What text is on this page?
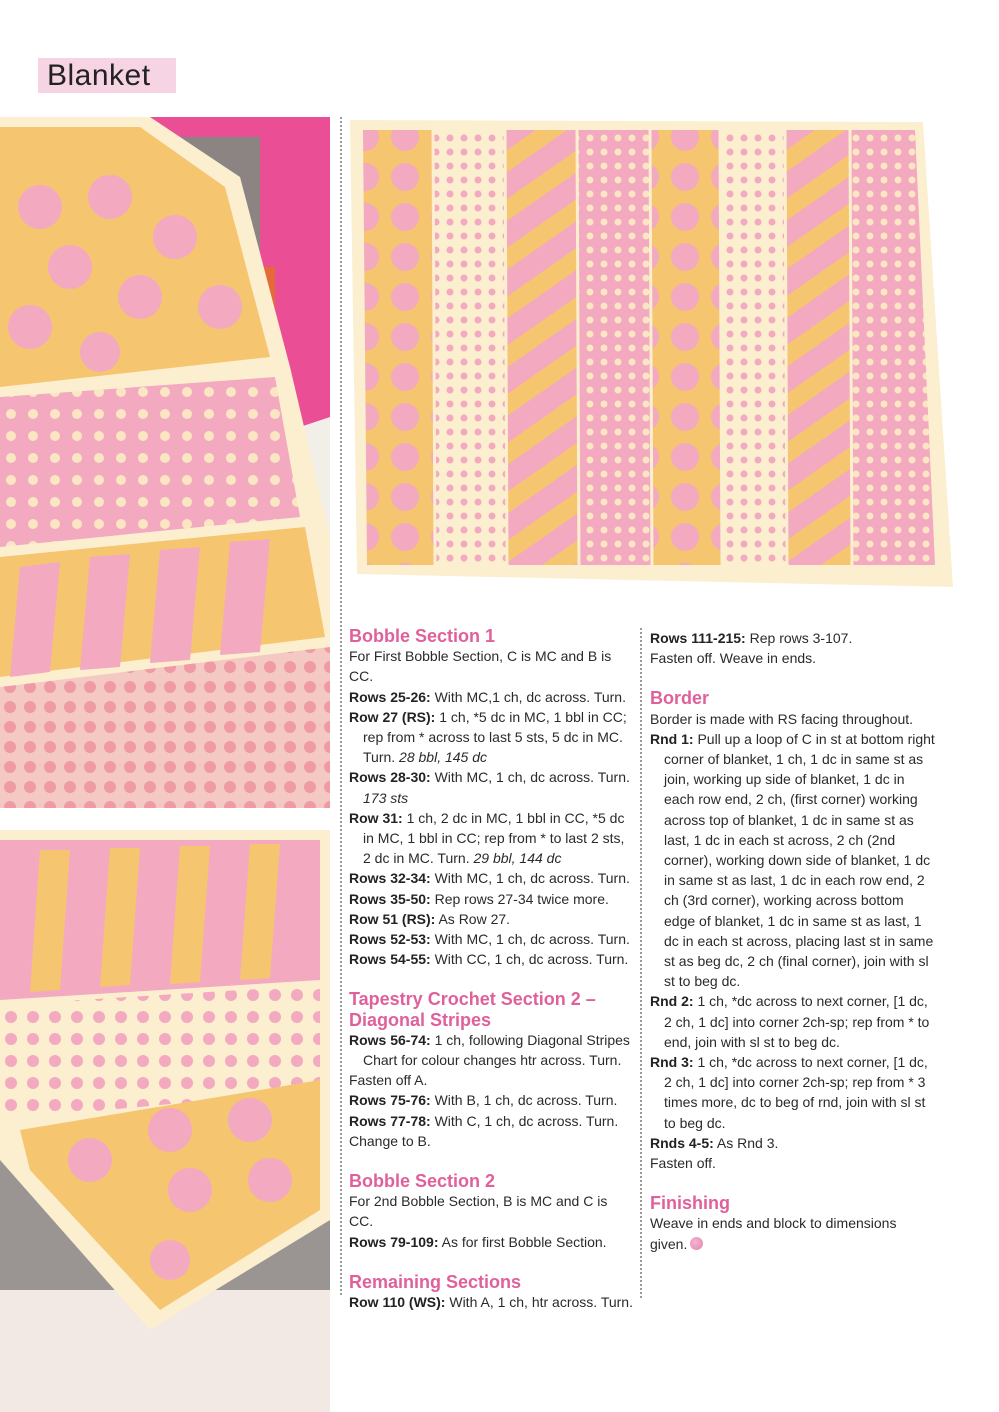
Blanket
Bobble Section 1

For First Bobble Section, C is MC and B is CC.

Rows 25-26: With MC,1 ch, dc across. Turn.

Row 27 (RS): 1 ch, *5 dc in MC, 1 bbl in CC; rep from * across to last 5 sts, 5 dc in MC. Turn. 28 bbl, 145 dc

Rows 28-30: With MC, 1 ch, dc across. Turn. 173 sts

Row 31: 1 ch, 2 dc in MC, 1 bbl in CC, *5 dc in MC, 1 bbl in CC; rep from * to last 2 sts, 2 dc in MC. Turn. 29 bbl, 144 dc

Rows 32-34: With MC, 1 ch, dc across. Turn.

Rows 35-50: Rep rows 27-34 twice more.

Row 51 (RS): As Row 27.

Rows 52-53: With MC, 1 ch, dc across. Turn.

Rows 54-55: With CC, 1 ch, dc across. Turn.

Tapestry Crochet Section 2 – Diagonal Stripes

Rows 56-74: 1 ch, following Diagonal Stripes Chart for colour changes htr across. Turn.

Fasten off A.

Rows 75-76: With B, 1 ch, dc across. Turn.

Rows 77-78: With C, 1 ch, dc across. Turn.

Change to B.

Bobble Section 2

For 2nd Bobble Section, B is MC and C is CC.

Rows 79-109: As for first Bobble Section.

Remaining Sections

Row 110 (WS): With A, 1 ch, htr across. Turn.

Rows 111-215: Rep rows 3-107.

Fasten off. Weave in ends.

Border

Border is made with RS facing throughout.

Rnd 1: Pull up a loop of C in st at bottom right corner of blanket, 1 ch, 1 dc in same st as join, working up side of blanket, 1 dc in each row end, 2 ch, (first corner) working across top of blanket, 1 dc in same st as last, 1 dc in each st across, 2 ch (2nd corner), working down side of blanket, 1 dc in same st as last, 1 dc in each row end, 2 ch (3rd corner), working across bottom edge of blanket, 1 dc in same st as last, 1 dc in each st across, placing last st in same st as beg dc, 2 ch (final corner), join with sl st to beg dc.

Rnd 2: 1 ch, *dc across to next corner, [1 dc, 2 ch, 1 dc] into corner 2ch-sp; rep from * to end, join with sl st to beg dc.

Rnd 3: 1 ch, *dc across to next corner, [1 dc, 2 ch, 1 dc] into corner 2ch-sp; rep from * 3 times more, dc to beg of rnd, join with sl st to beg dc.

Rnds 4-5: As Rnd 3.

Fasten off.

Finishing

Weave in ends and block to dimensions given.
